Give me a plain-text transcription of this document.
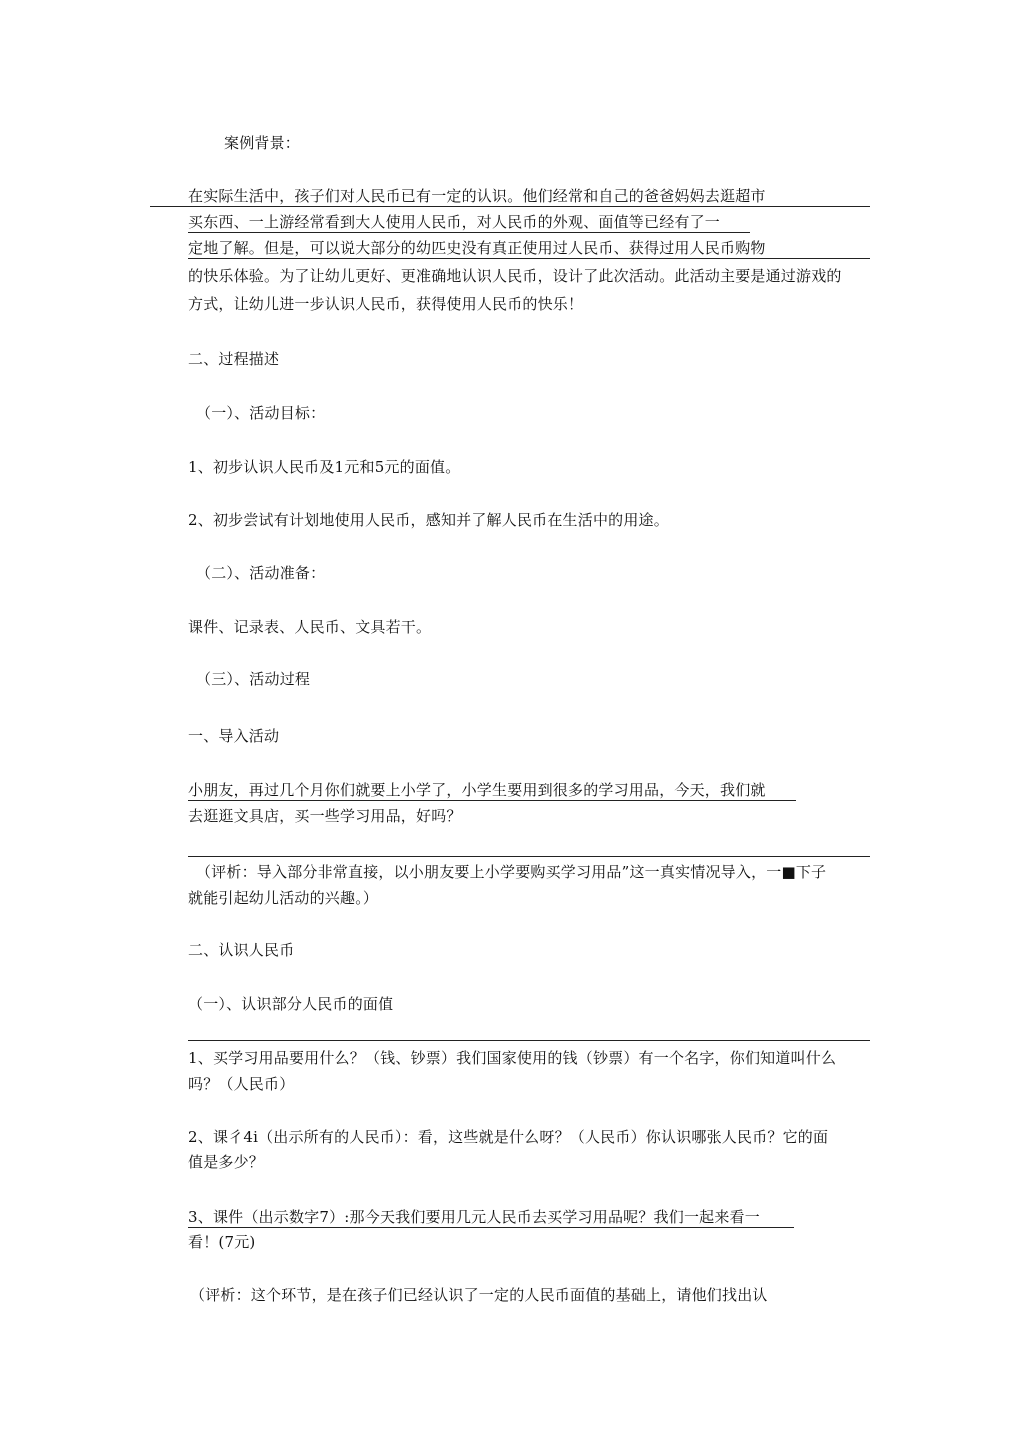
案例背景：
在实际生活中，孩子们对人民币已有一定的认识。他们经常和自己的爸爸妈妈去逛超市
买东西、一上游经常看到大人使用人民币，对人民币的外观、面值等已经有了一
定地了解。但是，可以说大部分的幼匹史没有真正使用过人民币、获得过用人民币购物
的快乐体验。为了让幼儿更好、更准确地认识人民币，设计了此次活动。此活动主要是通过游戏的
方式，让幼儿进一步认识人民币，获得使用人民币的快乐！
二、过程描述
（一）、活动目标：
1、初步认识人民币及1元和5元的面值。
2、初步尝试有计划地使用人民币，感知并了解人民币在生活中的用途。
（二）、活动准备：
课件、记录表、人民币、文具若干。
（三）、活动过程
一、导入活动
小朋友，再过几个月你们就要上小学了，小学生要用到很多的学习用品，今天，我们就
去逛逛文具店，买一些学习用品，好吗？
（评析：导入部分非常直接，以小朋友要上小学要购买学习用品”这一真实情况导入，一■下子
就能引起幼儿活动的兴趣。）
二、认识人民币
（一）、认识部分人民币的面值
1、买学习用品要用什么？（钱、钞票）我们国家使用的钱（钞票）有一个名字，你们知道叫什么
吗？（人民币）
2、课彳4i（出示所有的人民币）：看，这些就是什么呀？（人民币）你认识哪张人民币？它的面
值是多少？
3、课件（出示数字7）:那今天我们要用几元人民币去买学习用品呢？我们一起来看一
看！(7元)
（评析：这个环节，是在孩子们已经认识了一定的人民币面值的基础上，请他们找出认
